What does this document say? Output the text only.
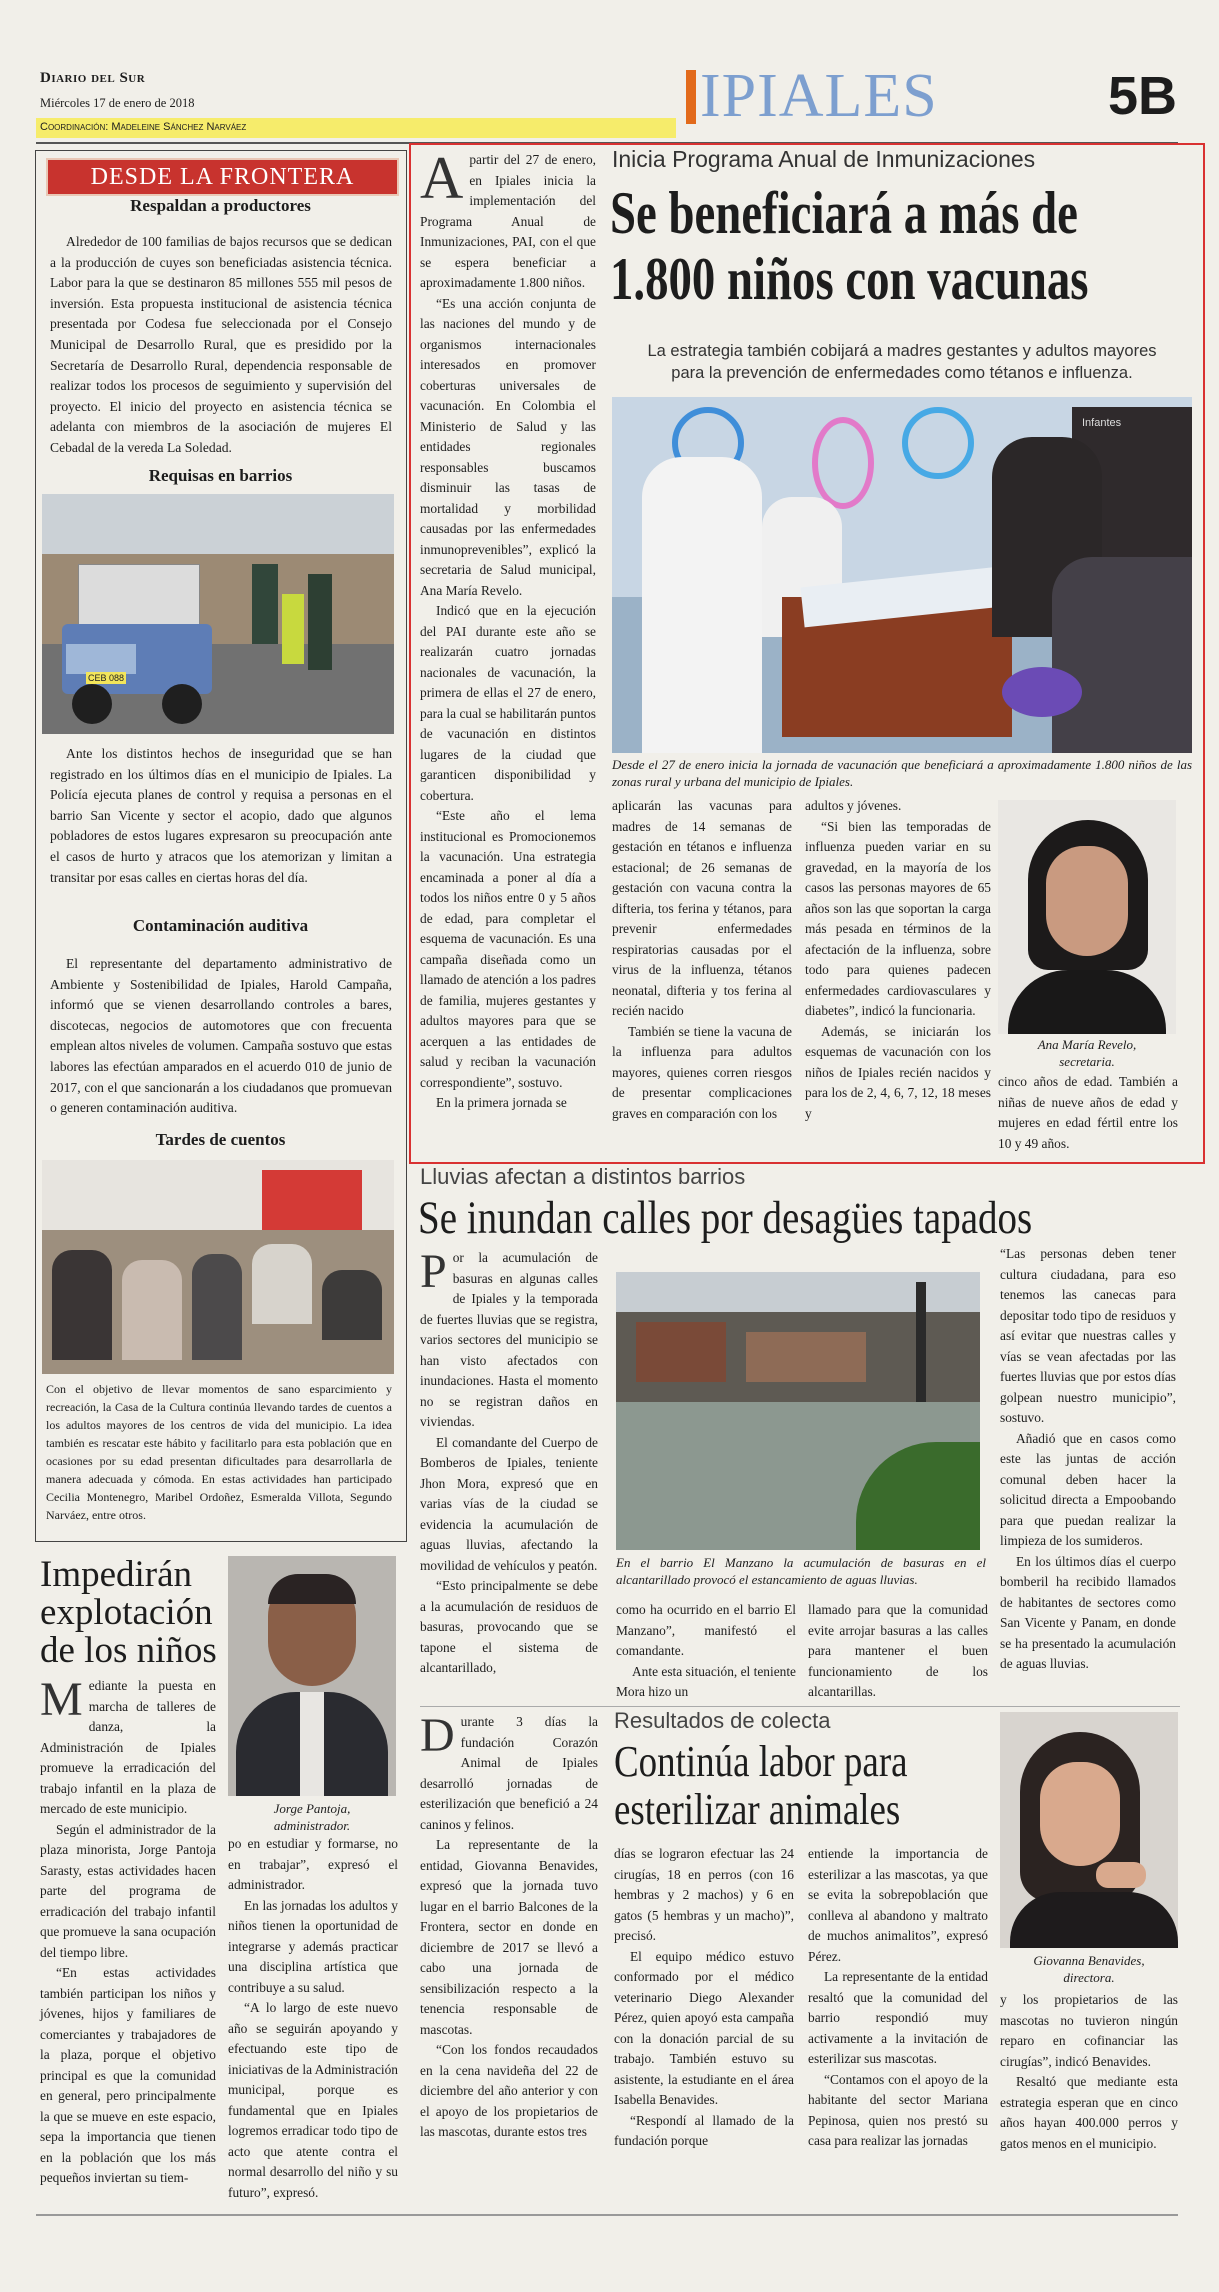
Diario del Sur
Miércoles 17 de enero de 2018
Coordinación: Madeleine Sánchez Narváez	IPIALES	5B
DESDE LA FRONTERA
Respaldan a productores

Alrededor de 100 familias de bajos recursos que se dedican a la producción de cuyes son beneficiadas asistencia técnica. Labor para la que se destinaron 85 millones 555 mil pesos de inversión. Esta propuesta institucional de asistencia técnica presentada por Codesa fue seleccionada por el Consejo Municipal de Desarrollo Rural, que es presidido por la Secretaría de Desarrollo Rural, dependencia responsable de realizar todos los procesos de seguimiento y supervisión del proyecto. El inicio del proyecto en asistencia técnica se adelanta con miembros de la asociación de mujeres El Cebadal de la vereda La Soledad.

Requisas en barrios
CEB 088

Ante los distintos hechos de inseguridad que se han registrado en los últimos días en el municipio de Ipiales. La Policía ejecuta planes de control y requisa a personas en el barrio San Vicente y sector el acopio, dado que algunos pobladores de estos lugares expresaron su preocupación ante el casos de hurto y atracos que los atemorizan y limitan a transitar por esas calles en ciertas horas del día.

Contaminación auditiva

El representante del departamento administrativo de Ambiente y Sostenibilidad de Ipiales, Harold Campaña, informó que se vienen desarrollando controles a bares, discotecas, negocios de automotores que con frecuenta emplean altos niveles de volumen. Campaña sostuvo que estas labores las efectúan amparados en el acuerdo 010 de junio de 2017, con el que sancionarán a los ciudadanos que promuevan o generen contaminación auditiva.

Tardes de cuentos
Con el objetivo de llevar momentos de sano esparcimiento y recreación, la Casa de la Cultura continúa llevando tardes de cuentos a los adultos mayores de los centros de vida del municipio. La idea también es rescatar este hábito y facilitarlo para esta población que en ocasiones por su edad presentan dificultades para desarrollarla de manera adecuada y cómoda. En estas actividades han participado Cecilia Montenegro, Maribel Ordoñez, Esmeralda Villota, Segundo Narváez, entre otros.
A partir del 27 de enero, en Ipiales inicia la implementación del Programa Anual de Inmunizaciones, PAI, con el que se espera beneficiar a aproximadamente 1.800 niños.

“Es una acción conjunta de las naciones del mundo y de organismos internacionales interesados en promover coberturas universales de vacunación. En Colombia el Ministerio de Salud y las entidades regionales responsables buscamos disminuir las tasas de mortalidad y morbilidad causadas por las enfermedades inmunoprevenibles”, explicó la secretaria de Salud municipal, Ana María Revelo.

Indicó que en la ejecución del PAI durante este año se realizarán cuatro jornadas nacionales de vacunación, la primera de ellas el 27 de enero, para la cual se habilitarán puntos de vacunación en distintos lugares de la ciudad que garanticen disponibilidad y cobertura.

“Este año el lema institucional es Promocionemos la vacunación. Una estrategia encaminada a poner al día a todos los niños entre 0 y 5 años de edad, para completar el esquema de vacunación. Es una campaña diseñada como un llamado de atención a los padres de familia, mujeres gestantes y adultos mayores para que se acerquen a las entidades de salud y reciban la vacunación correspondiente”, sostuvo.

En la primera jornada se

Inicia Programa Anual de Inmunizaciones
Se beneficiará a más de
1.800 niños con vacunas
La estrategia también cobijará a madres gestantes y adultos mayores
para la prevención de enfermedades como tétanos e influenza.
Infantes
Desde el 27 de enero inicia la jornada de vacunación que beneficiará a aproximadamente 1.800 niños de las zonas rural y urbana del municipio de Ipiales.
aplicarán las vacunas para madres de 14 semanas de gestación en tétanos e influenza estacional; de 26 semanas de gestación con vacuna contra la difteria, tos ferina y tétanos, para prevenir enfermedades respiratorias causadas por el virus de la influenza, tétanos neonatal, difteria y tos ferina al recién nacido

También se tiene la vacuna de la influenza para adultos mayores, quienes corren riesgos de presentar complicaciones graves en comparación con los

adultos y jóvenes.

“Si bien las temporadas de influenza pueden variar en su gravedad, en la mayoría de los casos las personas mayores de 65 años son las que soportan la carga más pesada en términos de la afectación de la influenza, sobre todo para quienes padecen enfermedades cardiovasculares y diabetes”, indicó la funcionaria.

Además, se iniciarán los esquemas de vacunación con los niños de Ipiales recién nacidos y para los de 2, 4, 6, 7, 12, 18 meses y

Ana María Revelo,
secretaria.
cinco años de edad. También a niñas de nueve años de edad y mujeres en edad fértil entre los 10 y 49 años.
Lluvias afectan a distintos barrios
Se inundan calles por desagües tapados
P or la acumulación de basuras en algunas calles de Ipiales y la temporada de fuertes lluvias que se registra, varios sectores del municipio se han visto afectados con inundaciones. Hasta el momento no se registran daños en viviendas.

El comandante del Cuerpo de Bomberos de Ipiales, teniente Jhon Mora, expresó que en varias vías de la ciudad se evidencia la acumulación de aguas lluvias, afectando la movilidad de vehículos y peatón.

“Esto principalmente se debe a la acumulación de residuos de basuras, provocando que se tapone el sistema de alcantarillado,

En el barrio El Manzano la acumulación de basuras en el alcantarillado provocó el estancamiento de aguas lluvias.
como ha ocurrido en el barrio El Manzano”, manifestó el comandante.

Ante esta situación, el teniente Mora hizo un

llamado para que la comunidad evite arrojar basuras a las calles para mantener el buen funcionamiento de los alcantarillas.
“Las personas deben tener cultura ciudadana, para eso tenemos las canecas para depositar todo tipo de residuos y así evitar que nuestras calles y vías se vean afectadas por las fuertes lluvias que por estos días golpean nuestro municipio”, sostuvo.

Añadió que en casos como este las juntas de acción comunal deben hacer la solicitud directa a Empoobando para que puedan realizar la limpieza de los sumideros.

En los últimos días el cuerpo bomberil ha recibido llamados de habitantes de sectores como San Vicente y Panam, en donde se ha presentado la acumulación de aguas lluvias.

Impedirán
explotación
de los niños
Jorge Pantoja,
administrador.
M ediante la puesta en marcha de talleres de danza, la Administración de Ipiales promueve la erradicación del trabajo infantil en la plaza de mercado de este municipio.

Según el administrador de la plaza minorista, Jorge Pantoja Sarasty, estas actividades hacen parte del programa de erradicación del trabajo infantil que promueve la sana ocupación del tiempo libre.

“En estas actividades también participan los niños y jóvenes, hijos y familiares de comerciantes y trabajadores de la plaza, porque el objetivo principal es que la comunidad en general, pero principalmente la que se mueve en este espacio, sepa la importancia que tienen en la población que los más pequeños inviertan su tiem-

po en estudiar y formarse, no en trabajar”, expresó el administrador.

En las jornadas los adultos y niños tienen la oportunidad de integrarse y además practicar una disciplina artística que contribuye a su salud.

“A lo largo de este nuevo año se seguirán apoyando y efectuando este tipo de iniciativas de la Administración municipal, porque es fundamental que en Ipiales logremos erradicar todo tipo de acto que atente contra el normal desarrollo del niño y su futuro”, expresó.

D urante 3 días la fundación Corazón Animal de Ipiales desarrolló jornadas de esterilización que benefició a 24 caninos y felinos.

La representante de la entidad, Giovanna Benavides, expresó que la jornada tuvo lugar en el barrio Balcones de la Frontera, sector en donde en diciembre de 2017 se llevó a cabo una jornada de sensibilización respecto a la tenencia responsable de mascotas.

“Con los fondos recaudados en la cena navideña del 22 de diciembre del año anterior y con el apoyo de los propietarios de las mascotas, durante estos tres

Resultados de colecta
Continúa labor para
esterilizar animales
días se lograron efectuar las 24 cirugías, 18 en perros (con 16 hembras y 2 machos) y 6 en gatos (5 hembras y un macho)”, precisó.

El equipo médico estuvo conformado por el médico veterinario Diego Alexander Pérez, quien apoyó esta campaña con la donación parcial de su trabajo. También estuvo su asistente, la estudiante en el área Isabella Benavides.

“Respondí al llamado de la fundación porque

entiende la importancia de esterilizar a las mascotas, ya que se evita la sobrepoblación que conlleva al abandono y maltrato de muchos animalitos”, expresó Pérez.

La representante de la entidad resaltó que la comunidad del barrio respondió muy activamente a la invitación de esterilizar sus mascotas.

“Contamos con el apoyo de la habitante del sector Mariana Pepinosa, quien nos prestó su casa para realizar las jornadas

Giovanna Benavides,
directora.
y los propietarios de las mascotas no tuvieron ningún reparo en cofinanciar las cirugías”, indicó Benavides.

Resaltó que mediante esta estrategia esperan que en cinco años hayan 400.000 perros y gatos menos en el municipio.
